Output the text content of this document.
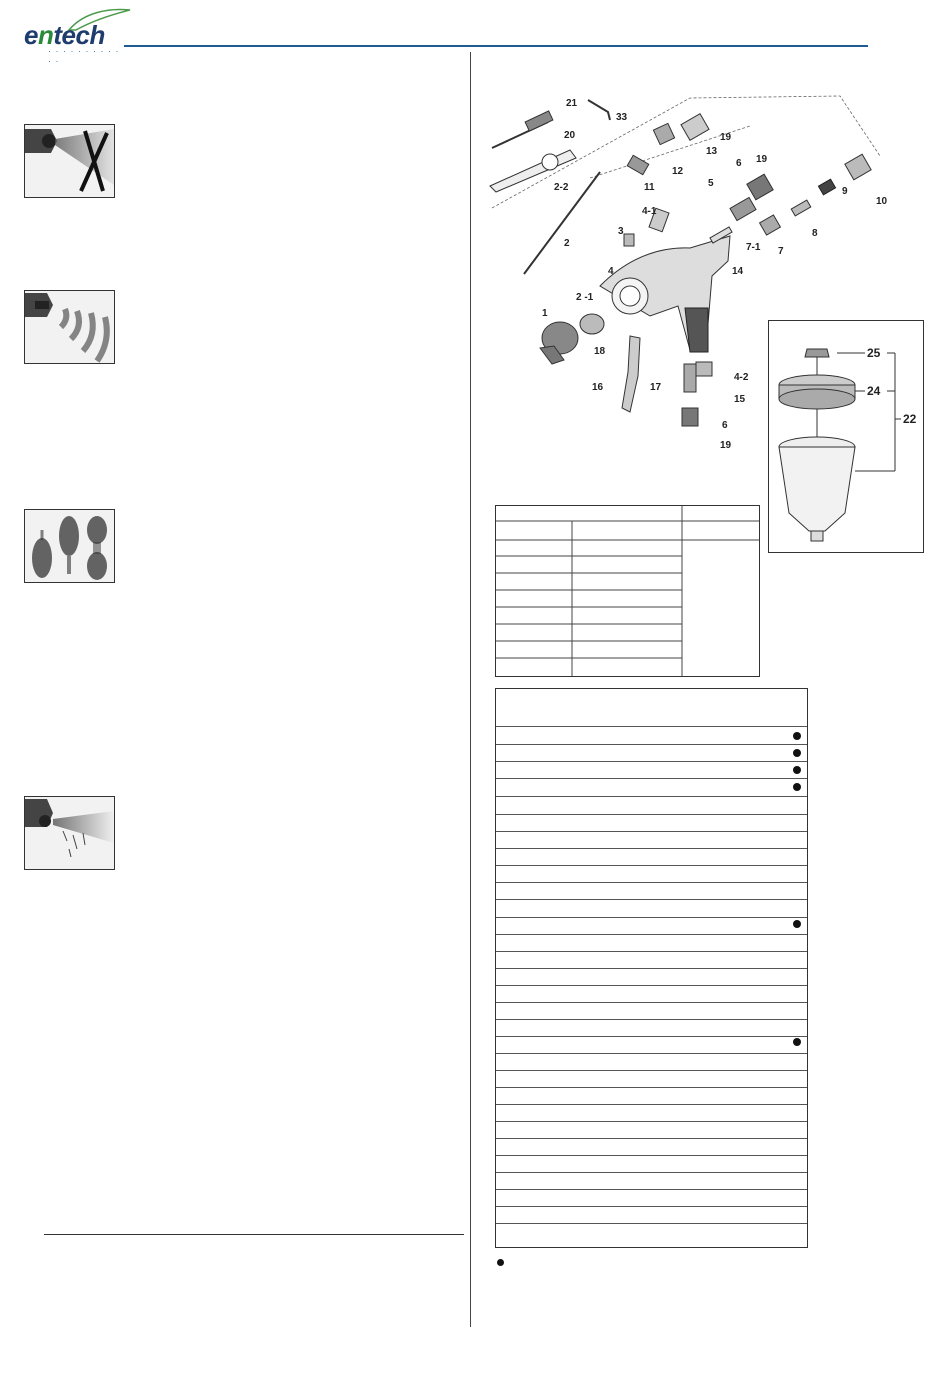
entech
· · · · · · · · · · · ·
21
33
20	19
13
12
11
6 19
2-2	5
10
9
8
4-1
3
2	7-1 7
4	14
2 -1
1
18
16	17
4-2
15
6
19
25
24
22
